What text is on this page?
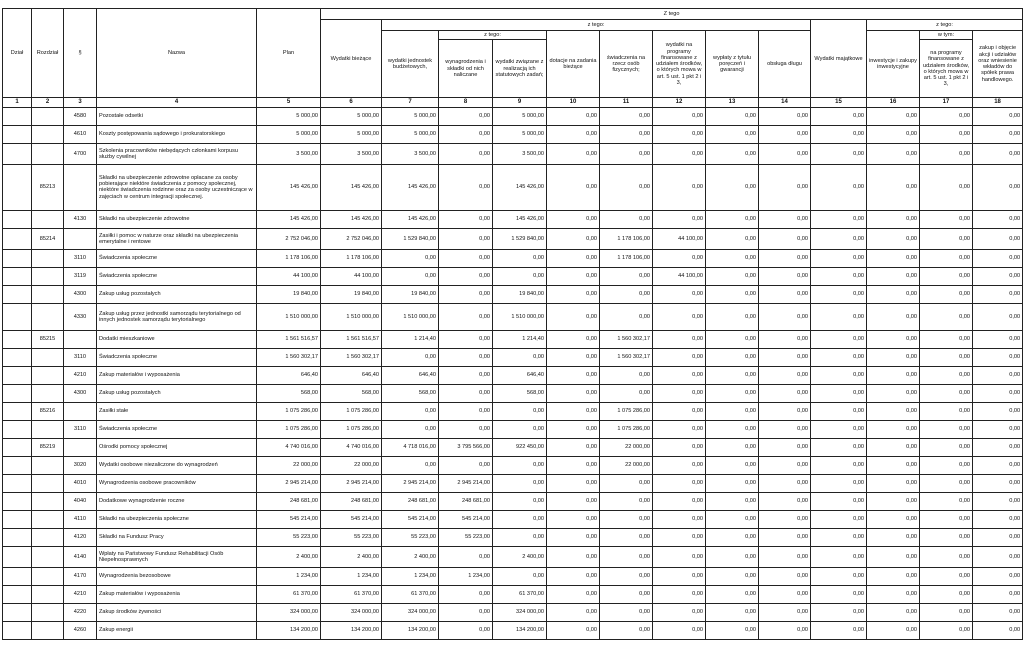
Dział	Rozdział	§	Nazwa	Plan	Z tego												
					Wydatki bieżące	z tego:								Wydatki majątkowe	z tego:		
						wydatki jednostek budżetowych,	z tego:		dotacje na zadania bieżące	świadczenia na rzecz osób fizycznych;	wydatki na programy finansowane z udziałem środków, o których mowa w art. 5 ust. 1 pkt 2 i 3,	wypłaty z tytułu poręczeń i gwarancji	obsługa długu		inwestycje i zakupy inwestycyjne	w tym:	zakup i objęcie akcji i udziałów oraz wniesienie wkładów do spółek prawa handlowego.
							wynagrodzenia i składki od nich naliczane	wydatki związane z realizacją ich statutowych zadań;								na programy finansowane z udziałem środków, o których mowa w art. 5 ust. 1 pkt 2 i 3,	
1	2	3	4	5	6	7	8	9	10	11	12	13	14	15	16	17	18
		4580	Pozostałe odsetki	5 000,00	5 000,00	5 000,00	0,00	5 000,00	0,00	0,00	0,00	0,00	0,00	0,00	0,00	0,00	0,00
		4610	Koszty postępowania sądowego i prokuratorskiego	5 000,00	5 000,00	5 000,00	0,00	5 000,00	0,00	0,00	0,00	0,00	0,00	0,00	0,00	0,00	0,00
		4700	Szkolenia pracowników niebędących członkami korpusu służby cywilnej	3 500,00	3 500,00	3 500,00	0,00	3 500,00	0,00	0,00	0,00	0,00	0,00	0,00	0,00	0,00	0,00
	85213		Składki na ubezpieczenie zdrowotne opłacane za osoby pobierające niektóre świadczenia z pomocy społecznej, niektóre świadczenia rodzinne oraz za osoby uczestniczące w zajęciach w centrum integracji społecznej.	145 426,00	145 426,00	145 426,00	0,00	145 426,00	0,00	0,00	0,00	0,00	0,00	0,00	0,00	0,00	0,00
		4130	Składki na ubezpieczenie zdrowotne	145 426,00	145 426,00	145 426,00	0,00	145 426,00	0,00	0,00	0,00	0,00	0,00	0,00	0,00	0,00	0,00
	85214		Zasiłki i pomoc w naturze oraz składki na ubezpieczenia emerytalne i rentowe	2 752 046,00	2 752 046,00	1 529 840,00	0,00	1 529 840,00	0,00	1 178 106,00	44 100,00	0,00	0,00	0,00	0,00	0,00	0,00
		3110	Świadczenia społeczne	1 178 106,00	1 178 106,00	0,00	0,00	0,00	0,00	1 178 106,00	0,00	0,00	0,00	0,00	0,00	0,00	0,00
		3119	Świadczenia społeczne	44 100,00	44 100,00	0,00	0,00	0,00	0,00	0,00	44 100,00	0,00	0,00	0,00	0,00	0,00	0,00
		4300	Zakup usług pozostałych	19 840,00	19 840,00	19 840,00	0,00	19 840,00	0,00	0,00	0,00	0,00	0,00	0,00	0,00	0,00	0,00
		4330	Zakup usług przez jednostki samorządu terytorialnego od innych jednostek samorządu terytorialnego	1 510 000,00	1 510 000,00	1 510 000,00	0,00	1 510 000,00	0,00	0,00	0,00	0,00	0,00	0,00	0,00	0,00	0,00
	85215		Dodatki mieszkaniowe	1 561 516,57	1 561 516,57	1 214,40	0,00	1 214,40	0,00	1 560 302,17	0,00	0,00	0,00	0,00	0,00	0,00	0,00
		3110	Świadczenia społeczne	1 560 302,17	1 560 302,17	0,00	0,00	0,00	0,00	1 560 302,17	0,00	0,00	0,00	0,00	0,00	0,00	0,00
		4210	Zakup materiałów i wyposażenia	646,40	646,40	646,40	0,00	646,40	0,00	0,00	0,00	0,00	0,00	0,00	0,00	0,00	0,00
		4300	Zakup usług pozostałych	568,00	568,00	568,00	0,00	568,00	0,00	0,00	0,00	0,00	0,00	0,00	0,00	0,00	0,00
	85216		Zasiłki stałe	1 075 286,00	1 075 286,00	0,00	0,00	0,00	0,00	1 075 286,00	0,00	0,00	0,00	0,00	0,00	0,00	0,00
		3110	Świadczenia społeczne	1 075 286,00	1 075 286,00	0,00	0,00	0,00	0,00	1 075 286,00	0,00	0,00	0,00	0,00	0,00	0,00	0,00
	85219		Ośrodki pomocy społecznej	4 740 016,00	4 740 016,00	4 718 016,00	3 795 566,00	922 450,00	0,00	22 000,00	0,00	0,00	0,00	0,00	0,00	0,00	0,00
		3020	Wydatki osobowe niezaliczone do wynagrodzeń	22 000,00	22 000,00	0,00	0,00	0,00	0,00	22 000,00	0,00	0,00	0,00	0,00	0,00	0,00	0,00
		4010	Wynagrodzenia osobowe pracowników	2 945 214,00	2 945 214,00	2 945 214,00	2 945 214,00	0,00	0,00	0,00	0,00	0,00	0,00	0,00	0,00	0,00	0,00
		4040	Dodatkowe wynagrodzenie roczne	248 681,00	248 681,00	248 681,00	248 681,00	0,00	0,00	0,00	0,00	0,00	0,00	0,00	0,00	0,00	0,00
		4110	Składki na ubezpieczenia społeczne	545 214,00	545 214,00	545 214,00	545 214,00	0,00	0,00	0,00	0,00	0,00	0,00	0,00	0,00	0,00	0,00
		4120	Składki na Fundusz Pracy	55 223,00	55 223,00	55 223,00	55 223,00	0,00	0,00	0,00	0,00	0,00	0,00	0,00	0,00	0,00	0,00
		4140	Wpłaty na Państwowy Fundusz Rehabilitacji Osób Niepełnosprawnych	2 400,00	2 400,00	2 400,00	0,00	2 400,00	0,00	0,00	0,00	0,00	0,00	0,00	0,00	0,00	0,00
		4170	Wynagrodzenia bezosobowe	1 234,00	1 234,00	1 234,00	1 234,00	0,00	0,00	0,00	0,00	0,00	0,00	0,00	0,00	0,00	0,00
		4210	Zakup materiałów i wyposażenia	61 370,00	61 370,00	61 370,00	0,00	61 370,00	0,00	0,00	0,00	0,00	0,00	0,00	0,00	0,00	0,00
		4220	Zakup środków żywności	324 000,00	324 000,00	324 000,00	0,00	324 000,00	0,00	0,00	0,00	0,00	0,00	0,00	0,00	0,00	0,00
		4260	Zakup energii	134 200,00	134 200,00	134 200,00	0,00	134 200,00	0,00	0,00	0,00	0,00	0,00	0,00	0,00	0,00	0,00
